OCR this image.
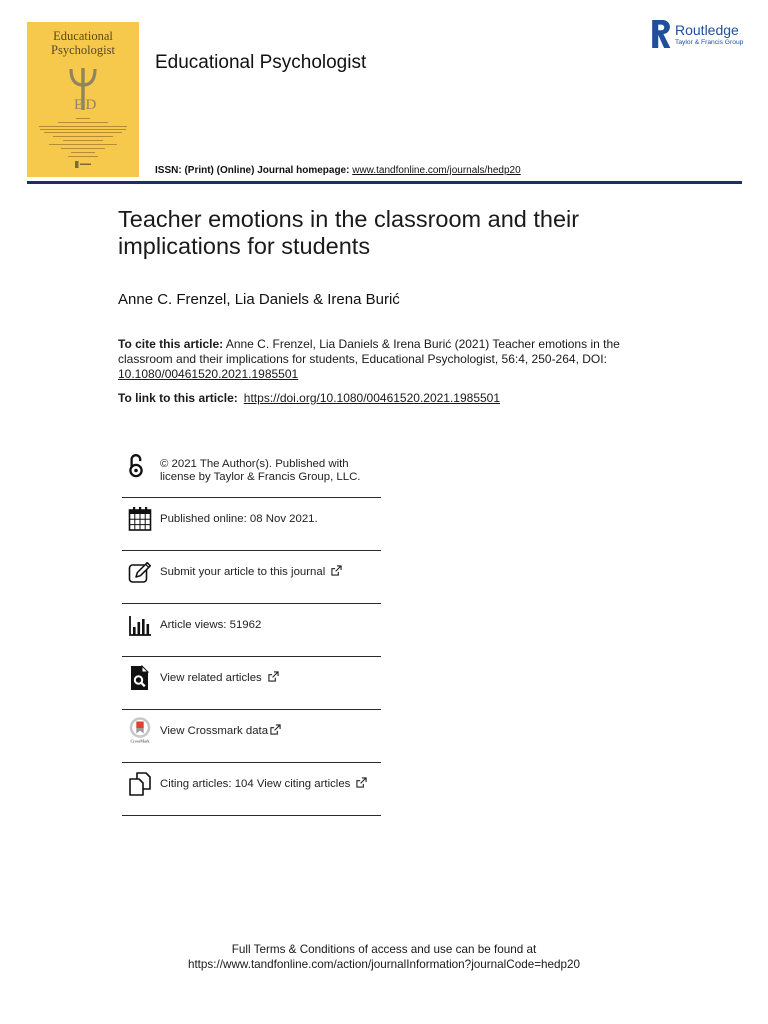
Educational
Psychologist
E D
Educational Psychologist
Routledge
Taylor & Francis Group
ISSN: (Print) (Online) Journal homepage: www.tandfonline.com/journals/hedp20
Teacher emotions in the classroom and their implications for students
Anne C. Frenzel, Lia Daniels & Irena Burić

To cite this article: Anne C. Frenzel, Lia Daniels & Irena Burić (2021) Teacher emotions in the classroom and their implications for students, Educational Psychologist, 56:4, 250-264, DOI: 10.1080/00461520.2021.1985501

To link to this article: https://doi.org/10.1080/00461520.2021.1985501

© 2021 The Author(s). Published with license by Taylor & Francis Group, LLC.
Published online: 08 Nov 2021.
Submit your article to this journal
Article views: 51962
View related articles
CrossMark
View Crossmark data
Citing articles: 104
View citing articles
Full Terms & Conditions of access and use can be found at
https://www.tandfonline.com/action/journalInformation?journalCode=hedp20
